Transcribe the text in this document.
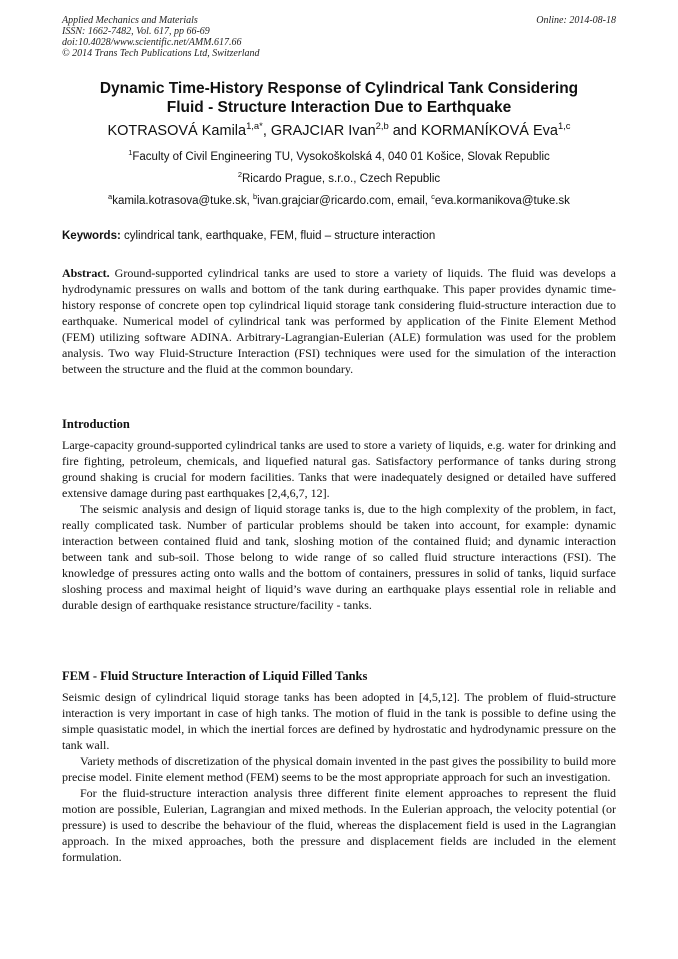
Applied Mechanics and Materials
ISSN: 1662-7482, Vol. 617, pp 66-69
doi:10.4028/www.scientific.net/AMM.617.66
© 2014 Trans Tech Publications Ltd, Switzerland
Online: 2014-08-18
Dynamic Time-History Response of Cylindrical Tank Considering
Fluid - Structure Interaction Due to Earthquake
KOTRASOVÁ Kamila$^{1,a*}$, GRAJCIAR Ivan$^{2,b}$ and KORMANÍKOVÁ Eva$^{1,c}$
$^1$Faculty of Civil Engineering TU, Vysokoškolská 4, 040 01 Košice, Slovak Republic
$^2$Ricardo Prague, s.r.o., Czech Republic
$^a$kamila.kotrasova@tuke.sk, $^b$ivan.grajciar@ricardo.com, email, $^c$eva.kormanikova@tuke.sk
Keywords: cylindrical tank, earthquake, FEM, fluid – structure interaction

Abstract. Ground-supported cylindrical tanks are used to store a variety of liquids. The fluid was develops a hydrodynamic pressures on walls and bottom of the tank during earthquake. This paper provides dynamic time-history response of concrete open top cylindrical liquid storage tank considering fluid-structure interaction due to earthquake. Numerical model of cylindrical tank was performed by application of the Finite Element Method (FEM) utilizing software ADINA. Arbitrary-Lagrangian-Eulerian (ALE) formulation was used for the problem analysis. Two way Fluid-Structure Interaction (FSI) techniques were used for the simulation of the interaction between the structure and the fluid at the common boundary.

Introduction

Large-capacity ground-supported cylindrical tanks are used to store a variety of liquids, e.g. water for drinking and fire fighting, petroleum, chemicals, and liquefied natural gas. Satisfactory performance of tanks during strong ground shaking is crucial for modern facilities. Tanks that were inadequately designed or detailed have suffered extensive damage during past earthquakes [2,4,6,7, 12].

The seismic analysis and design of liquid storage tanks is, due to the high complexity of the problem, in fact, really complicated task. Number of particular problems should be taken into account, for example: dynamic interaction between contained fluid and tank, sloshing motion of the contained fluid; and dynamic interaction between tank and sub-soil. Those belong to wide range of so called fluid structure interactions (FSI). The knowledge of pressures acting onto walls and the bottom of containers, pressures in solid of tanks, liquid surface sloshing process and maximal height of liquid’s wave during an earthquake plays essential role in reliable and durable design of earthquake resistance structure/facility - tanks.

FEM - Fluid Structure Interaction of Liquid Filled Tanks

Seismic design of cylindrical liquid storage tanks has been adopted in [4,5,12]. The problem of fluid-structure interaction is very important in case of high tanks. The motion of fluid in the tank is possible to define using the simple quasistatic model, in which the inertial forces are defined by hydrostatic and hydrodynamic pressure on the tank wall.

Variety methods of discretization of the physical domain invented in the past gives the possibility to build more precise model. Finite element method (FEM) seems to be the most appropriate approach for such an investigation.

For the fluid-structure interaction analysis three different finite element approaches to represent the fluid motion are possible, Eulerian, Lagrangian and mixed methods. In the Eulerian approach, the velocity potential (or pressure) is used to describe the behaviour of the fluid, whereas the displacement field is used in the Lagrangian approach. In the mixed approaches, both the pressure and displacement fields are included in the element formulation.
